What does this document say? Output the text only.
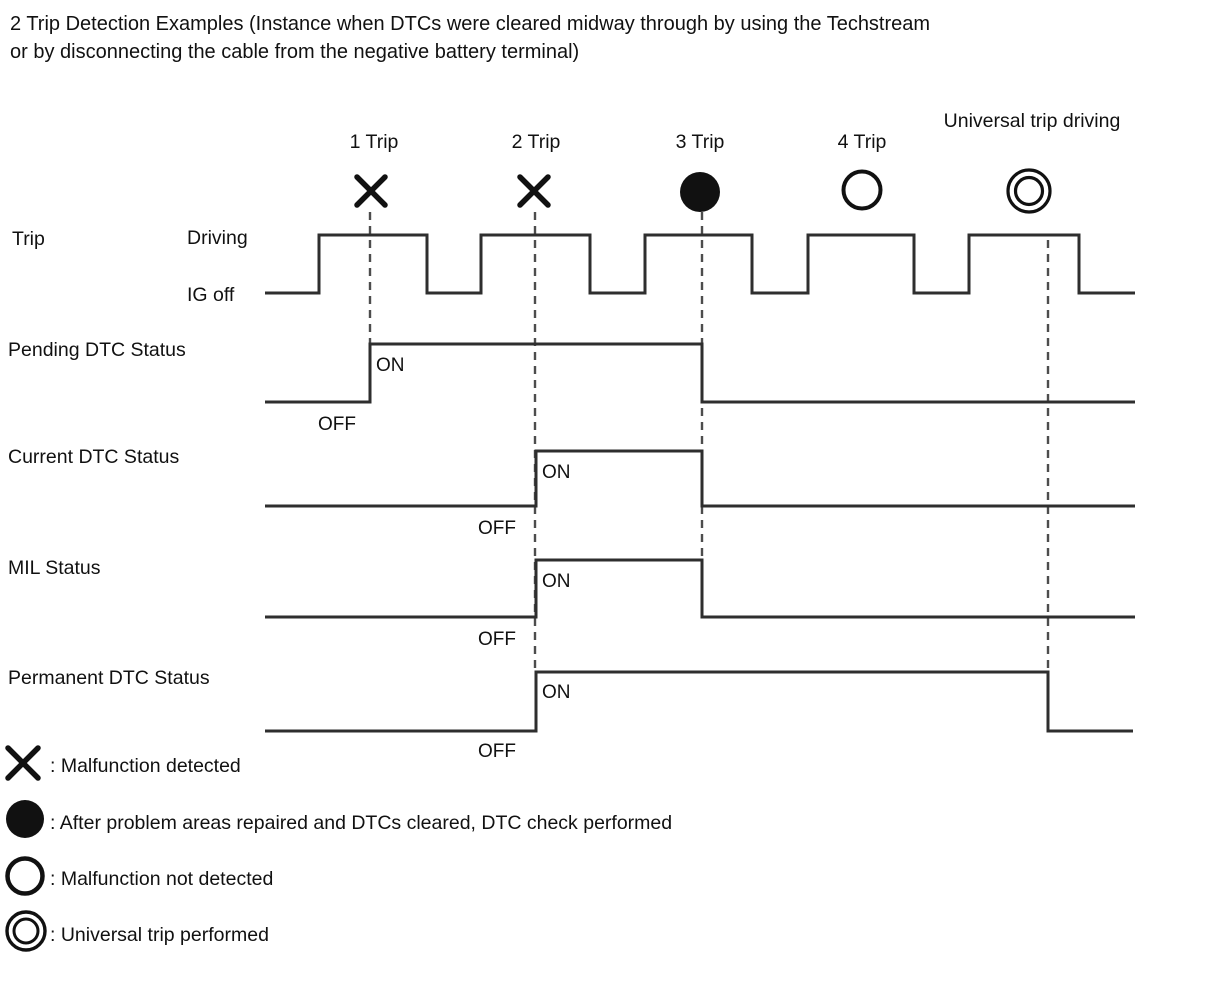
2 Trip Detection Examples (Instance when DTCs were cleared midway through by using the Techstream
or by disconnecting the cable from the negative battery terminal)
1 Trip	2 Trip	3 Trip	4 Trip
Universal trip driving
Trip	Driving
IG off
Pending DTC Status
ON
OFF
Current DTC Status
ON
OFF
MIL Status
ON
OFF
Permanent DTC Status
ON
OFF
: Malfunction detected
: After problem areas repaired and DTCs cleared, DTC check performed
: Malfunction not detected
: Universal trip performed
